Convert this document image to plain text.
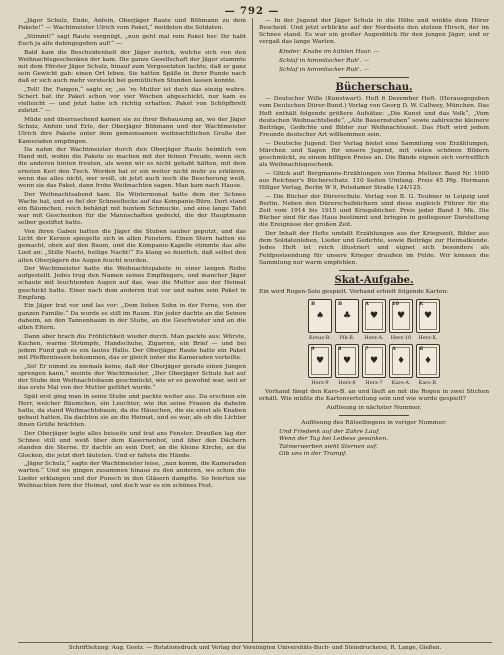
— 792 —

„Jäger Schulz, Ende, Anfein, Oberjäger Raute und Böhmann zu dem Pakete!“ — Wachtmeister Ulrich vom Paket,“ meldeten die Soldaten.

„Stimmt!“ sagt Raute vergnügt, „nun geht mal rein Paket her. Ihr habt Euch ja alle dahingegeben auf!“ —

Bald kam die Bescheidenheit der Jäger zurück, welche sich von den Weihnachtsgeschenken der kam. Die ganze Gesellschaft der Jäger stammte mit dem Förster Jäger Schulz, hinauf zum Vorgesetzten lachte, daß er ganz sein Gewicht gab: einen Ort leben. Sie hatten Späße in ihrer Runde nach daß er sich auch mehr versteckt bei gemütlichen Stunden lassen konnte.

„Toll! Ihr, Fangen,“ sagte er, „so ‘re Mutter ist doch das einzig wahre. Schert hat ihr Paket schon vor vier Wochen abgeschickt, nur kam es vielleicht — und jetzt habe ich richtig erhalten. Paket von Schöpfbrett zuletzt.“ —

Müde und überraschend kamen sie zu ihrer Behausung an, wo der Jäger Schulz, Anfein und Erle, der Oberjäger Böhmann und der Wachtmeister Ulrich ihre Pakete unter dem gemeinsamen weihnachtlichen Gruße der Kameraden empfingen.

Da nahm der Wachtmeister durch den Oberjäger Raute heimlich von Hand mit, wohin die Pakete so machen mit der feinen Freude, wenn sich die anderen hinten freuten, als wenn wir es nicht gehabt hätten, mit dem ernsten Kerl den Tisch. Worden hat er ein weiter nicht mehr zu erklären, wenn das alles nicht, wer weiß, ob jetzt auch noch die Bescherung weiß, wenn sie das Paket, dann frohe Weihnachten sagen. Man kam nach Hause.

Der Weihnachtsabend kam. Da Wintermonat hatte dem der Schnee Wache hat, und so fiel der Schneeflocke auf das Kompanie-Büro. Dort stand ein Bäumchen, reich behängt mit buntem Schmucke, und eine lange Tafel war mit Geschenken für die Mannschaften gedeckt, die der Hauptmann selber gestiftet hatte.

Von ihren Gaben hatten die Jäger die Stuben sauber geputzt, und das Licht der Kerzen spiegelte sich in allen Fenstern. Einen Stern hatten sie gemacht, oben auf den Baum, und die Kompanie-Kapelle stimmte das alte Lied an: „Stille Nacht, heilige Nacht!“ Es klang so feierlich, daß selbst den alten Oberjägern die Augen feucht wurden.

Der Wachtmeister hatte die Weihnachtspakete in einer langen Reihe aufgestellt. Jedes trug den Namen seines Empfängers, und mancher Jäger schaute mit leuchtenden Augen auf das, was die Mutter aus der Heimat geschickt hatte. Einer nach dem anderen trat vor und nahm sein Paket in Empfang.

Ein Jäger trat vor und las vor: „Dem lieben Sohn in der Ferne, von der ganzen Familie.“ Da wurde es still im Raum. Ein jeder dachte an die Seinen daheim, an den Tannenbaum in der Stube, an die Geschwister und an die alten Eltern.

Dann aber brach die Fröhlichkeit wieder durch. Man packte aus: Würste, Kuchen, warme Strümpfe, Handschuhe, Zigarren, ein Brief — und bei jedem Fund gab es ein lautes Hallo. Der Oberjäger Raute hatte ein Paket mit Pfeffernüssen bekommen, das er gleich unter die Kameraden verteilte.

„So! Er nimmt zu niemals keine, daß der Oberjäger gerade einen Jungen sprengen kann,“ meinte der Wachtmeister, „Der Oberjäger Schulz hat auf der Stube den Weihnachtsbaum geschmückt, wie er es gewohnt war, seit er das erste Mal von der Mutter geführt wurde.“

Spät erst ging man in seine Stube und packte weiter aus. Da erschien ein Herr, welcher Bäumchen, ein Leuchter, wie ihn seine Frauen da daheim hatte, da stand Weihnachtsbaum, da die Häuschen, die sie einst als Knaben gebaut hatten. Da dachten sie an die Heimat, und es war, als ob die Lichter ihnen Grüße brächten.

Der Oberjäger legte alles beiseite und trat ans Fenster. Draußen lag der Schnee still und weiß über dem Kasernenhof, und über den Dächern standen die Sterne. Er dachte an sein Dorf, an die kleine Kirche, an die Glocken, die jetzt dort läuteten. Und er faltete die Hände.

„Jäger Schulz,“ sagte der Wachtmeister leise, „nun komm, die Kameraden warten.“ Und sie gingen zusammen hinaus zu den anderen, wo schon die Lieder erklangen und der Punsch in den Gläsern dampfte. So feierten sie Weihnachten fern der Heimat, und doch war es ein schönes Fest.

— In der Jugend der Jäger Schulz in die Höhe und winkte dem Hörer Bescheid. Und jetzt erblickte auf der Nordseite den stolzen Hirsch, der im Schnee stand. Es war ein großer Augenblick für den jungen Jäger, und er vergaß das lange Warten.

Kinder: Knabe im kühlen Haar. —

Schlaf in himmlischer Ruh'. —

Schlaf in himmlischer Ruh'. —

Bücherschau.

— Deutscher Wille (Kunstwart). Heft 6 Dezember Heft. (Herausgegeben vom Deutschen Dürer-Bund.) Verlag von Georg D. W. Callwey, München. Das Heft enthält folgende größere Aufsätze: „Die Kunst und das Volk“, „Vom deutschen Weihnachtsliede“, „Alte Bauernstuben“ sowie zahlreiche kleinere Beiträge, Gedichte und Bilder zur Weihnachtszeit. Das Heft wird jedem Freunde deutscher Art willkommen sein.

— Deutsche Jugend. Der Verlag bietet eine Sammlung von Erzählungen, Märchen und Sagen für unsere Jugend, mit vielen schönen Bildern geschmückt, zu einem billigen Preise an. Die Bände eignen sich vortrefflich als Weihnachtsgeschenk.

— Glück auf! Bergmanns-Erzählungen von Emma Meltzer. Band Nr. 1000 aus Reichner's Bücherschatz. 110 Seiten Umfang. Preis 45 Pfg. Hermann Hillger Verlag, Berlin W 9, Potsdamer Straße 124/125.

— Die Bücher der Dürerschule. Verlag von B. G. Teubner in Leipzig und Berlin. Neben den Dürerschulbüchern sind diese zugleich Führer für die Zeit vom 1914 bis 1915 und Kriegsbücher. Preis jeder Band 1 Mk. Die Bücher sind für das Haus bestimmt und bringen in gediegener Darstellung die Ereignisse der großen Zeit.

Der Inhalt der Hefte umfaßt Erzählungen aus der Kriegszeit, Bilder aus dem Soldatenleben, Lieder und Gedichte, sowie Beiträge zur Heimatkunde. Jedes Heft ist reich illustriert und eignet sich besonders als Feldpostsendung für unsere Krieger draußen im Felde. Wir können die Sammlung nur warm empfehlen.

Skat-Aufgabe.

Ein wird Rogen-Solo gespielt. Vorhand erhielt folgende Karten:

B
♠
B
♣
A
♥
10
♥
K
♥
Kreuz-B.	Pik-B.	Herz-A.	Herz-10	Herz-K.
9
♥
8
♥
7
♥
A
♦
B
♦
Herz-9	Herz-8	Herz-7	Karo-A.	Karo-B.

Vorhand fängt den Karo-B. an und läuft an mit die Rogen in zwei Stichen erhält. Wie müßte die Kartenverteilung sein und wie wurde gespielt?

Auflösung in nächster Nummer.

Auflösung des Rätselbogens in voriger Nummer:

Und Friedenk auf der Zahre Lauf,
Wenn der Tag bei Leibess gesunken.
Tatmerwerben sieht Sternen auf.
Gib uns in der Trumpf.
Schriftleitung: Aug. Goetz. — Rotationsdruck und Verlag der Vereinigten Universitäts-Buch- und Steindruckerei, R. Lange, Gießen.
